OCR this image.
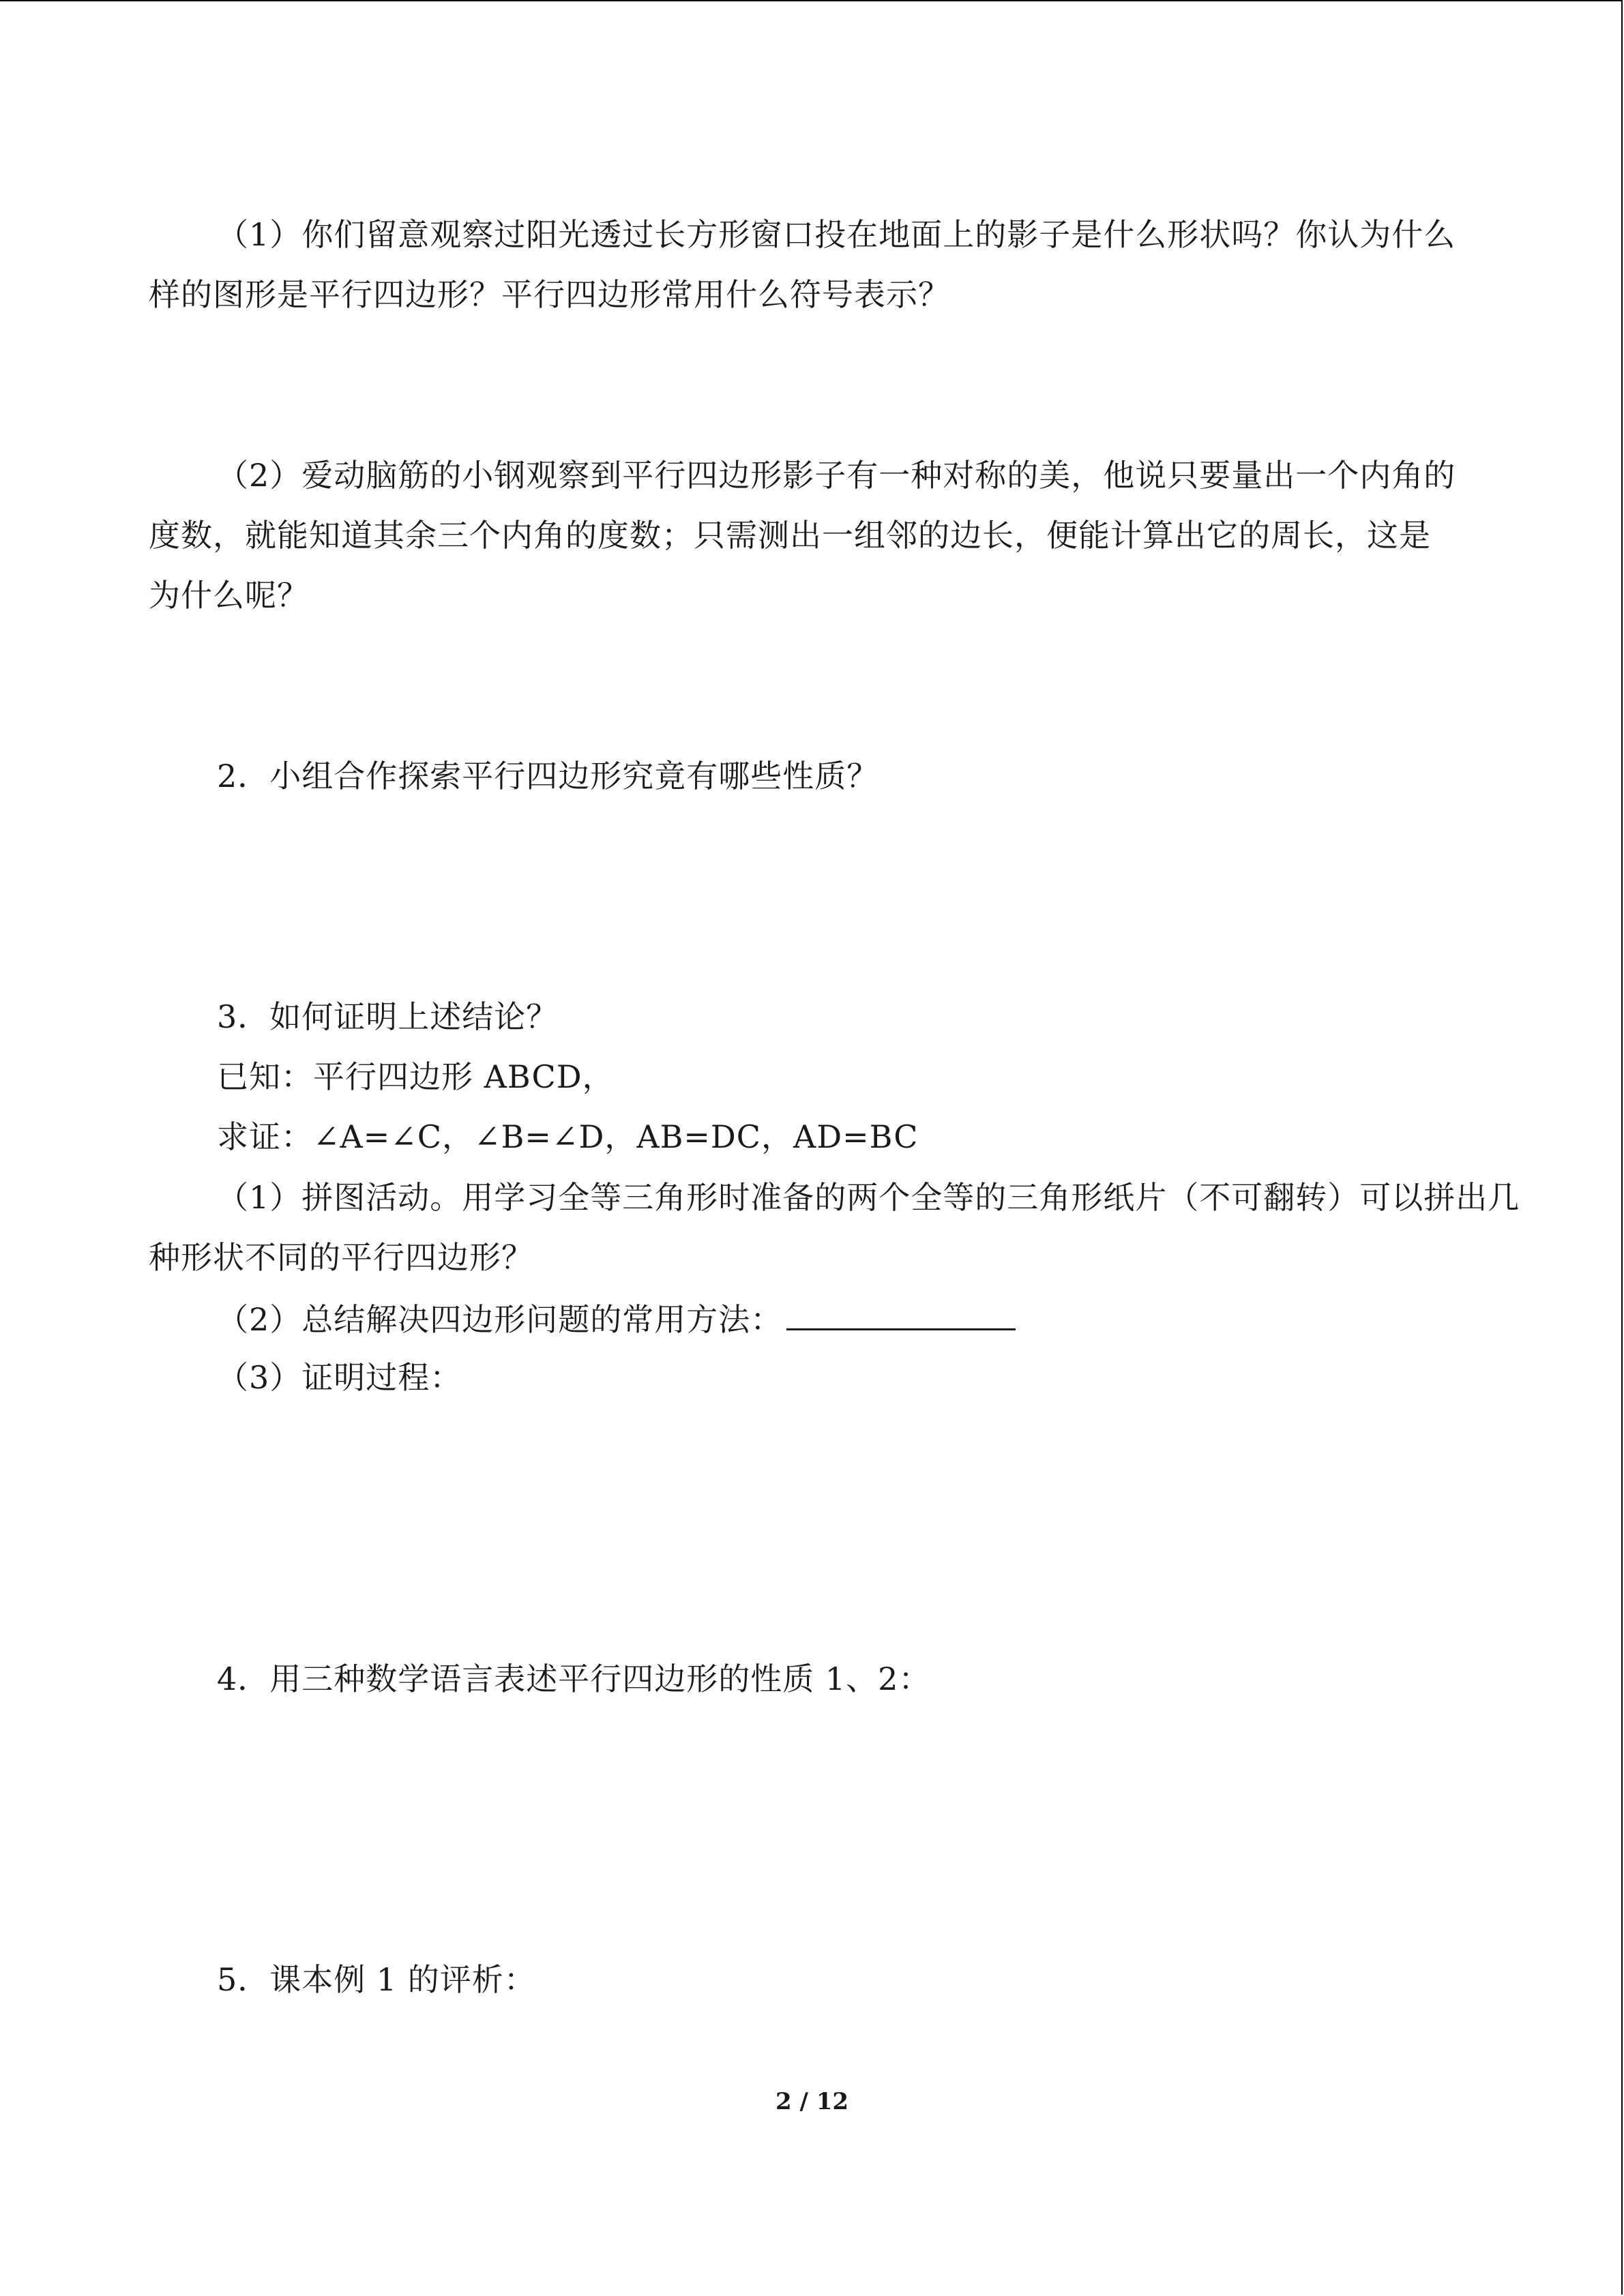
（1）你们留意观察过阳光透过长方形窗口投在地面上的影子是什么形状吗？你认为什么
样的图形是平行四边形？平行四边形常用什么符号表示？
（2）爱动脑筋的小钢观察到平行四边形影子有一种对称的美，他说只要量出一个内角的
度数，就能知道其余三个内角的度数；只需测出一组邻的边长，便能计算出它的周长，这是
为什么呢？
2．小组合作探索平行四边形究竟有哪些性质？
3．如何证明上述结论？
已知：平行四边形 ABCD，
求证：∠A=∠C，∠B=∠D，AB=DC，AD=BC
（1）拼图活动。用学习全等三角形时准备的两个全等的三角形纸片（不可翻转）可以拼出几
种形状不同的平行四边形？
（2）总结解决四边形问题的常用方法：
（3）证明过程：
4．用三种数学语言表述平行四边形的性质 1、2：
5．课本例 1 的评析：
2 / 12
